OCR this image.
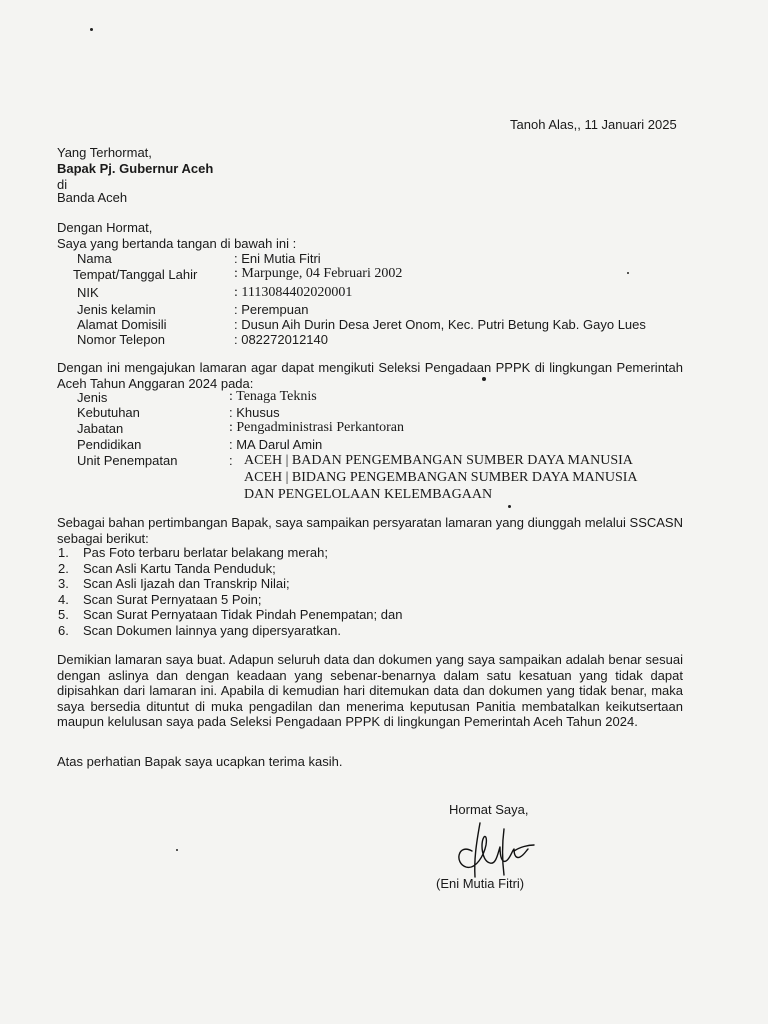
Tanoh Alas,, 11 Januari 2025
Yang Terhormat,
Bapak Pj. Gubernur Aceh
di
Banda Aceh
Dengan Hormat,
Saya yang bertanda tangan di bawah ini :
Nama	: Eni Mutia Fitri
Tempat/Tanggal Lahir	: Marpunge, 04 Februari 2002
NIK	: 1113084402020001
Jenis kelamin	: Perempuan
Alamat Domisili	: Dusun Aih Durin Desa Jeret Onom, Kec. Putri Betung Kab. Gayo Lues
Nomor Telepon	: 082272012140
Dengan ini mengajukan lamaran agar dapat mengikuti Seleksi Pengadaan PPPK di lingkungan Pemerintah Aceh Tahun Anggaran 2024 pada:
Jenis	: Tenaga Teknis
Kebutuhan	: Khusus
Jabatan	: Pengadministrasi Perkantoran
Pendidikan	: MA Darul Amin
Unit Penempatan	: ACEH | BADAN PENGEMBANGAN SUMBER DAYA MANUSIA
ACEH | BIDANG PENGEMBANGAN SUMBER DAYA MANUSIA
DAN PENGELOLAAN KELEMBAGAAN
Sebagai bahan pertimbangan Bapak, saya sampaikan persyaratan lamaran yang diunggah melalui SSCASN sebagai berikut:
1.	Pas Foto terbaru berlatar belakang merah;
2.	Scan Asli Kartu Tanda Penduduk;
3.	Scan Asli Ijazah dan Transkrip Nilai;
4.	Scan Surat Pernyataan 5 Poin;
5.	Scan Surat Pernyataan Tidak Pindah Penempatan; dan
6.	Scan Dokumen lainnya yang dipersyaratkan.
Demikian lamaran saya buat. Adapun seluruh data dan dokumen yang saya sampaikan adalah benar sesuai dengan aslinya dan dengan keadaan yang sebenar-benarnya dalam satu kesatuan yang tidak dapat dipisahkan dari lamaran ini. Apabila di kemudian hari ditemukan data dan dokumen yang tidak benar, maka saya bersedia dituntut di muka pengadilan dan menerima keputusan Panitia membatalkan keikutsertaan maupun kelulusan saya pada Seleksi Pengadaan PPPK di lingkungan Pemerintah Aceh Tahun 2024.
Atas perhatian Bapak saya ucapkan terima kasih.
Hormat Saya,
(Eni Mutia Fitri)
